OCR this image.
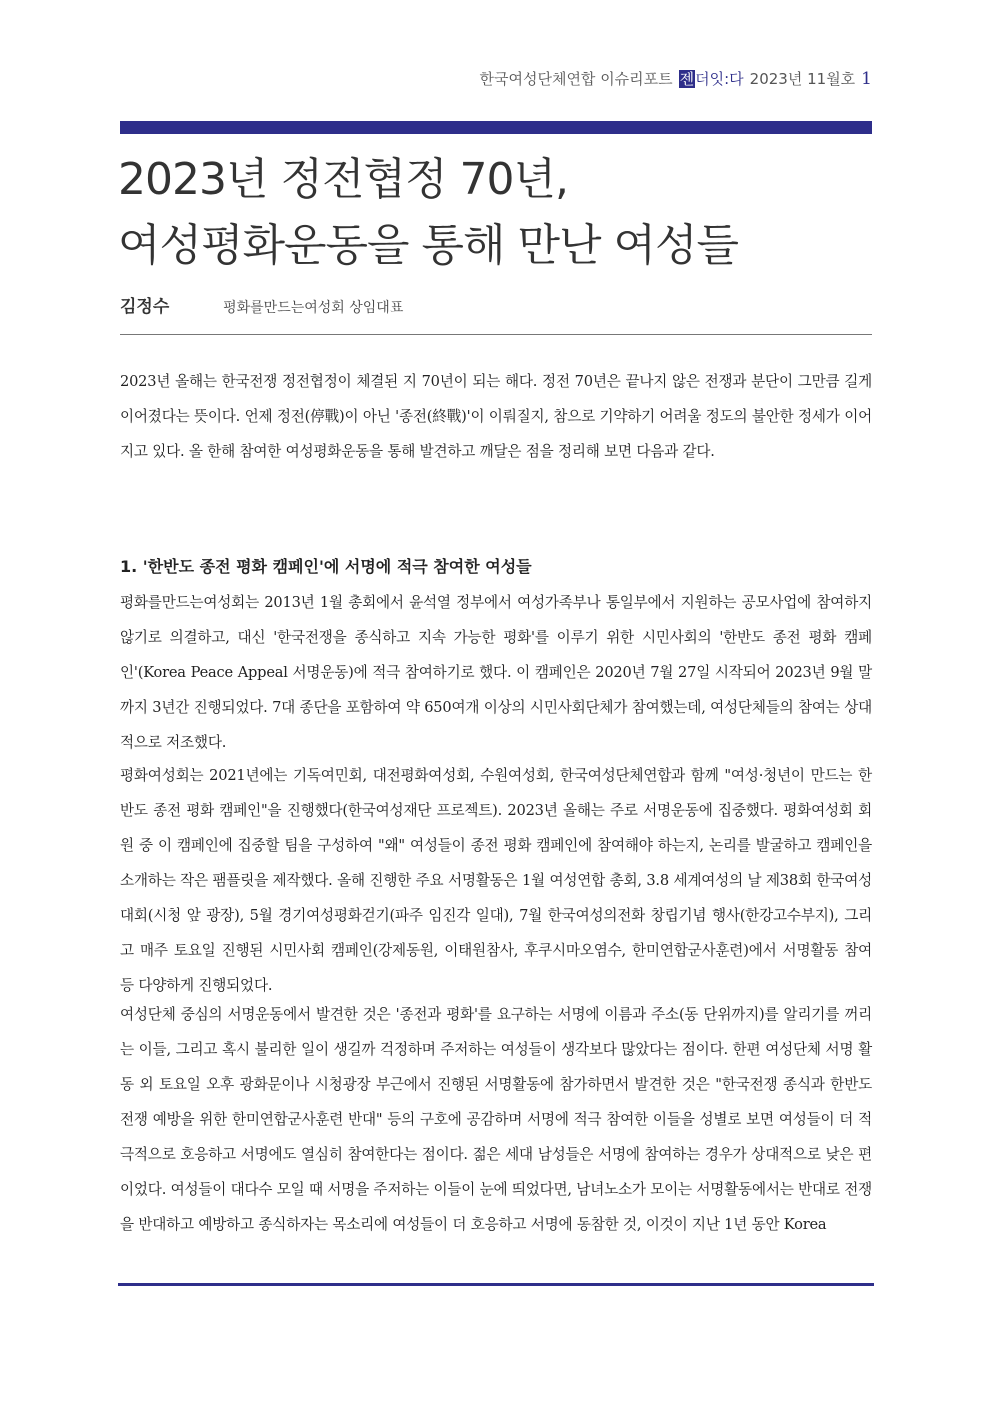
한국여성단체연합 이슈리포트 젠더잇:다 2023년 11월호 1
2023년 정전협정 70년,
여성평화운동을 통해 만난 여성들
김정수	평화를만드는여성회 상임대표

2023년 올해는 한국전쟁 정전협정이 체결된 지 70년이 되는 해다. 정전 70년은 끝나지 않은 전쟁과 분단이 그만큼 길게 이어졌다는 뜻이다. 언제 정전(停戰)이 아닌 '종전(終戰)'이 이뤄질지, 참으로 기약하기 어려울 정도의 불안한 정세가 이어지고 있다. 올 한해 참여한 여성평화운동을 통해 발견하고 깨달은 점을 정리해 보면 다음과 같다.

1. '한반도 종전 평화 캠페인'에 서명에 적극 참여한 여성들

평화를만드는여성회는 2013년 1월 총회에서 윤석열 정부에서 여성가족부나 통일부에서 지원하는 공모사업에 참여하지 않기로 의결하고, 대신 '한국전쟁을 종식하고 지속 가능한 평화'를 이루기 위한 시민사회의 '한반도 종전 평화 캠페인'(Korea Peace Appeal 서명운동)에 적극 참여하기로 했다. 이 캠페인은 2020년 7월 27일 시작되어 2023년 9월 말까지 3년간 진행되었다. 7대 종단을 포함하여 약 650여개 이상의 시민사회단체가 참여했는데, 여성단체들의 참여는 상대적으로 저조했다.

평화여성회는 2021년에는 기독여민회, 대전평화여성회, 수원여성회, 한국여성단체연합과 함께 "여성·청년이 만드는 한반도 종전 평화 캠페인"을 진행했다(한국여성재단 프로젝트). 2023년 올해는 주로 서명운동에 집중했다. 평화여성회 회원 중 이 캠페인에 집중할 팀을 구성하여 "왜" 여성들이 종전 평화 캠페인에 참여해야 하는지, 논리를 발굴하고 캠페인을 소개하는 작은 팸플릿을 제작했다. 올해 진행한 주요 서명활동은 1월 여성연합 총회, 3.8 세계여성의 날 제38회 한국여성대회(시청 앞 광장), 5월 경기여성평화걷기(파주 임진각 일대), 7월 한국여성의전화 창립기념 행사(한강고수부지), 그리고 매주 토요일 진행된 시민사회 캠페인(강제동원, 이태원참사, 후쿠시마오염수, 한미연합군사훈련)에서 서명활동 참여 등 다양하게 진행되었다.

여성단체 중심의 서명운동에서 발견한 것은 '종전과 평화'를 요구하는 서명에 이름과 주소(동 단위까지)를 알리기를 꺼리는 이들, 그리고 혹시 불리한 일이 생길까 걱정하며 주저하는 여성들이 생각보다 많았다는 점이다. 한편 여성단체 서명 활동 외 토요일 오후 광화문이나 시청광장 부근에서 진행된 서명활동에 참가하면서 발견한 것은 "한국전쟁 종식과 한반도 전쟁 예방을 위한 한미연합군사훈련 반대" 등의 구호에 공감하며 서명에 적극 참여한 이들을 성별로 보면 여성들이 더 적극적으로 호응하고 서명에도 열심히 참여한다는 점이다. 젊은 세대 남성들은 서명에 참여하는 경우가 상대적으로 낮은 편이었다. 여성들이 대다수 모일 때 서명을 주저하는 이들이 눈에 띄었다면, 남녀노소가 모이는 서명활동에서는 반대로 전쟁을 반대하고 예방하고 종식하자는 목소리에 여성들이 더 호응하고 서명에 동참한 것, 이것이 지난 1년 동안 Korea
